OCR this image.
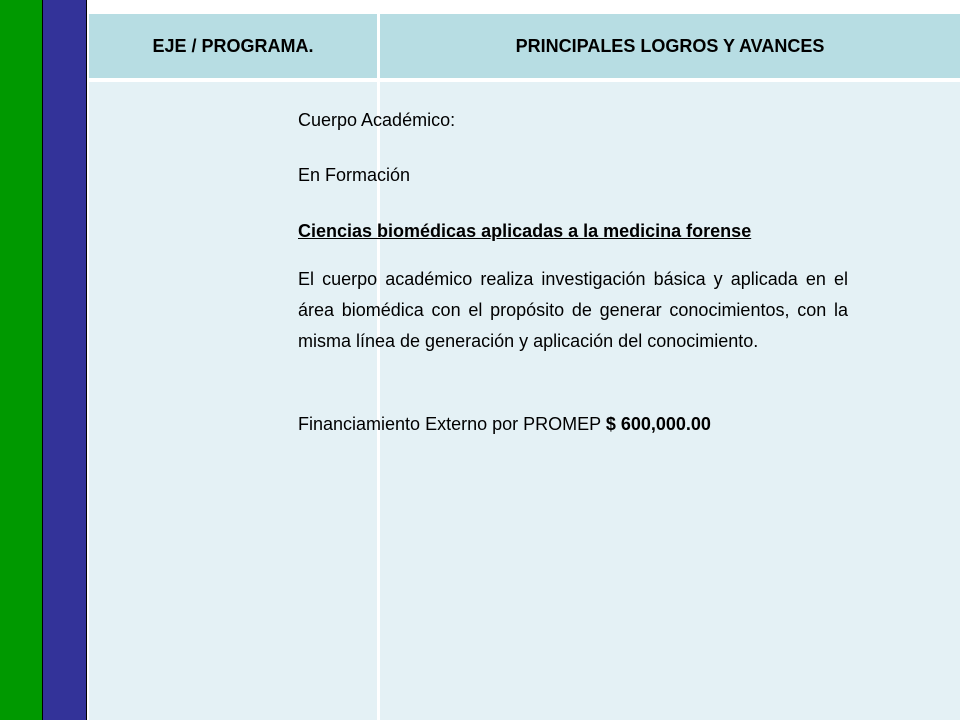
EJE / PROGRAMA.	PRINCIPALES LOGROS Y AVANCES

Cuerpo Académico:

En Formación

Ciencias biomédicas aplicadas a la medicina forense

El cuerpo académico realiza investigación básica y aplicada en el área biomédica con el propósito de generar conocimientos, con la misma línea de generación y aplicación del conocimiento.

Financiamiento Externo por PROMEP $ 600,000.00
